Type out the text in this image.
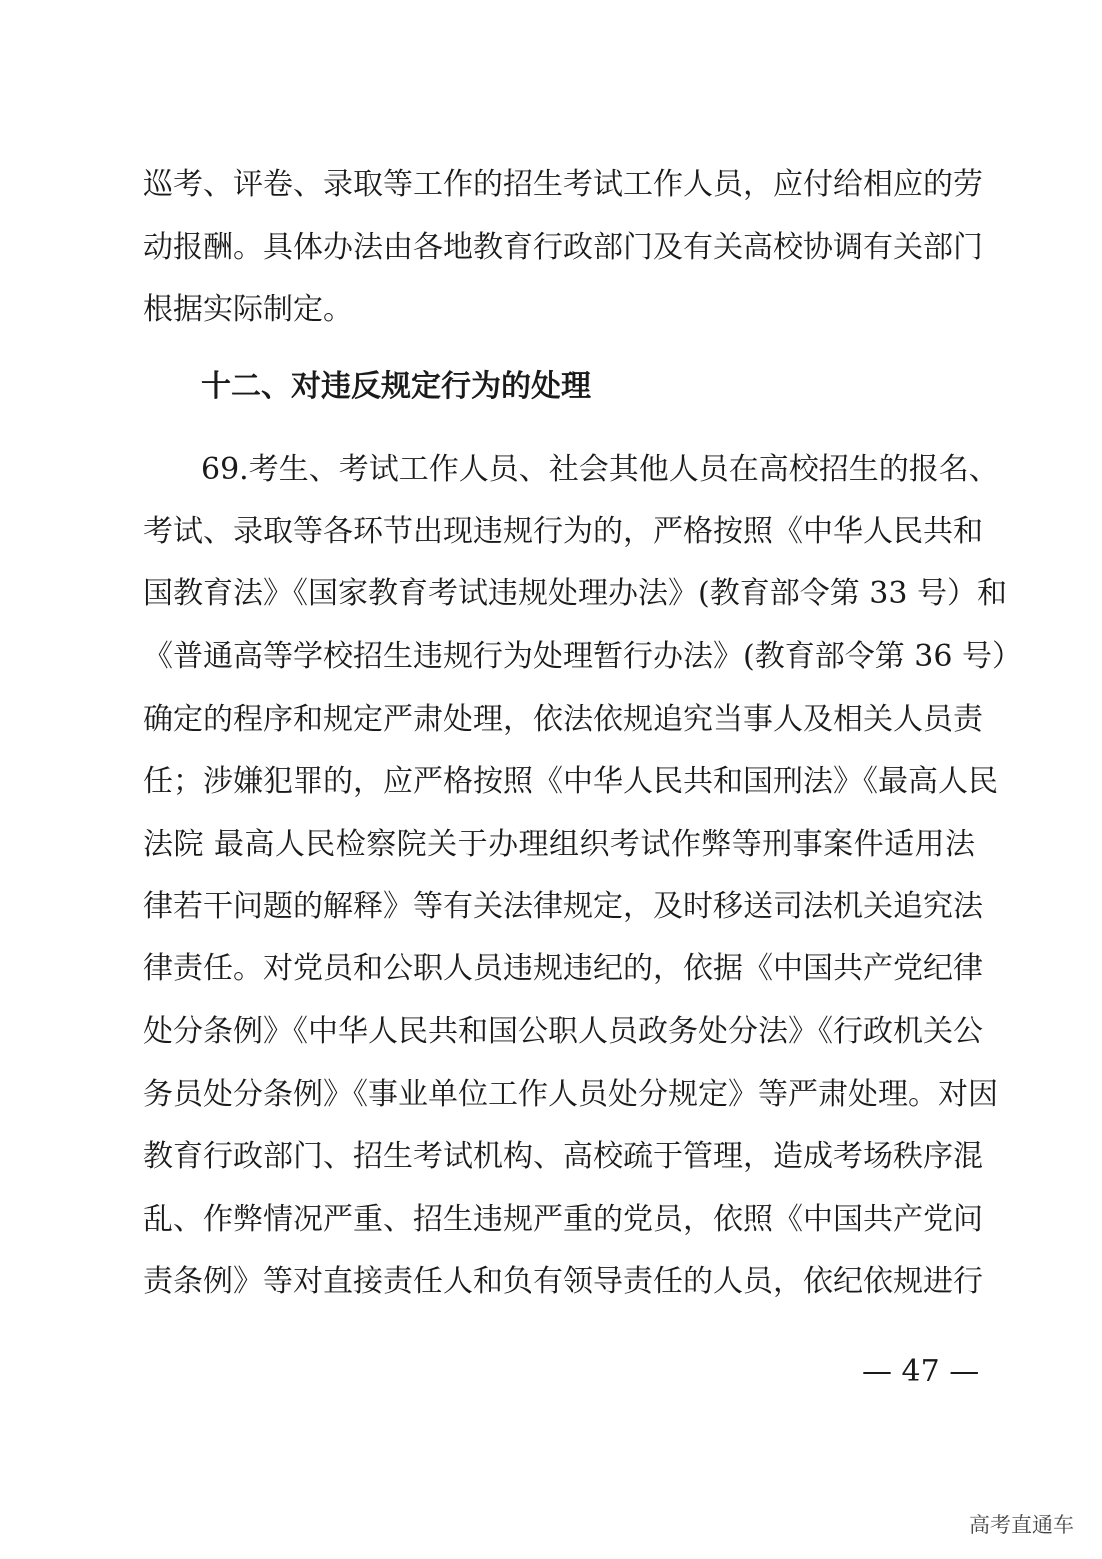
巡考、评卷、录取等工作的招生考试工作人员，应付给相应的劳
动报酬。具体办法由各地教育行政部门及有关高校协调有关部门
根据实际制定。
十二、对违反规定行为的处理
69.考生、考试工作人员、社会其他人员在高校招生的报名、
考试、录取等各环节出现违规行为的，严格按照《中华人民共和
国教育法》《国家教育考试违规处理办法》(教育部令第 33 号）和
《普通高等学校招生违规行为处理暂行办法》(教育部令第 36 号）
确定的程序和规定严肃处理，依法依规追究当事人及相关人员责
任；涉嫌犯罪的，应严格按照《中华人民共和国刑法》《最高人民
法院 最高人民检察院关于办理组织考试作弊等刑事案件适用法
律若干问题的解释》等有关法律规定，及时移送司法机关追究法
律责任。对党员和公职人员违规违纪的，依据《中国共产党纪律
处分条例》《中华人民共和国公职人员政务处分法》《行政机关公
务员处分条例》《事业单位工作人员处分规定》等严肃处理。对因
教育行政部门、招生考试机构、高校疏于管理，造成考场秩序混
乱、作弊情况严重、招生违规严重的党员，依照《中国共产党问
责条例》等对直接责任人和负有领导责任的人员，依纪依规进行
— 47 —
高考直通车
